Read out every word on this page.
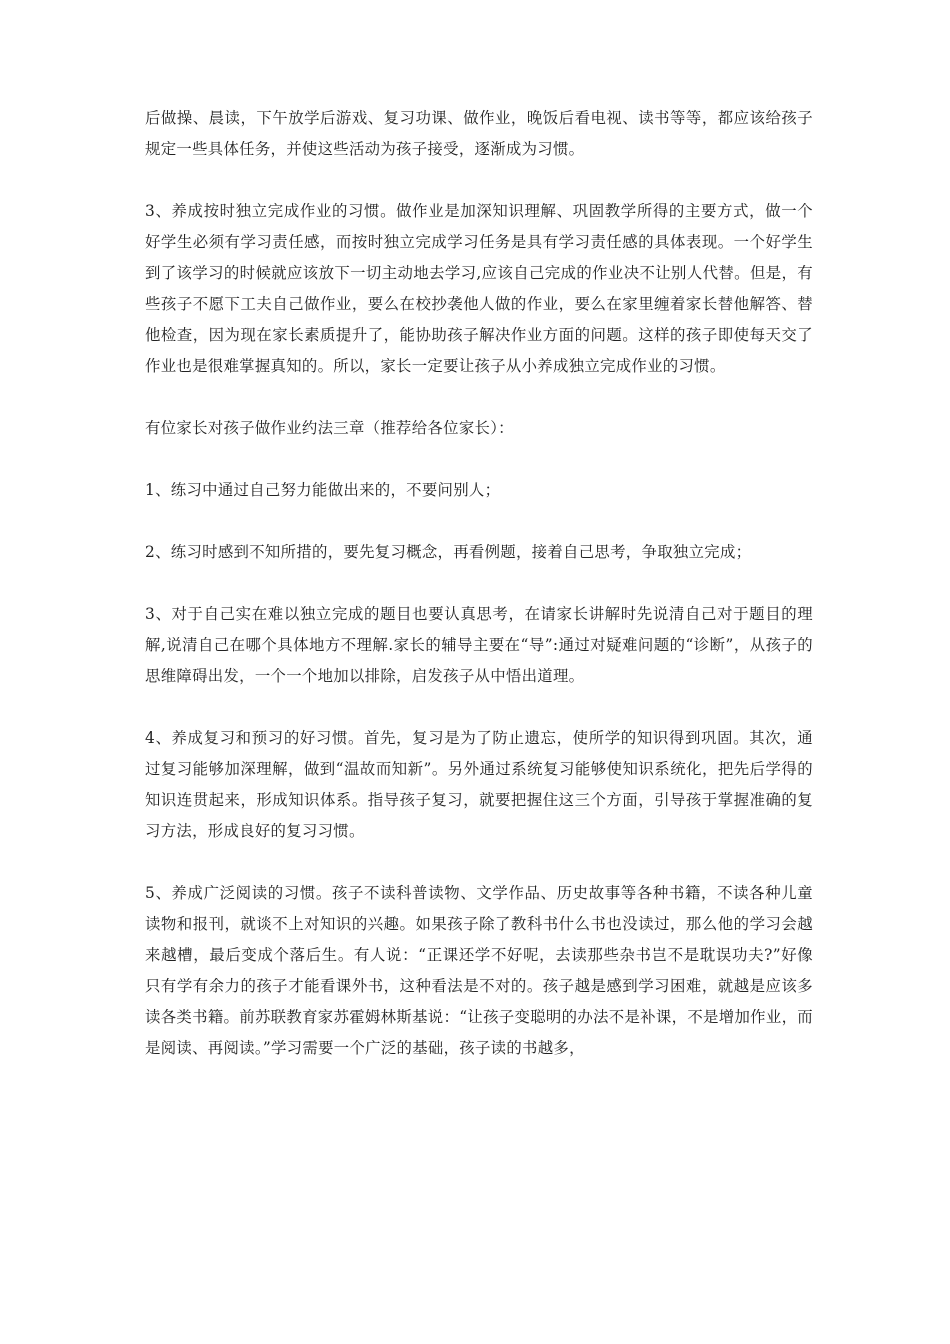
后做操、晨读，下午放学后游戏、复习功课、做作业，晚饭后看电视、读书等等，都应该给孩子规定一些具体任务，并使这些活动为孩子接受，逐渐成为习惯。

3、养成按时独立完成作业的习惯。做作业是加深知识理解、巩固教学所得的主要方式，做一个好学生必须有学习责任感，而按时独立完成学习任务是具有学习责任感的具体表现。一个好学生到了该学习的时候就应该放下一切主动地去学习,应该自己完成的作业决不让别人代替。但是，有些孩子不愿下工夫自己做作业，要么在校抄袭他人做的作业，要么在家里缠着家长替他解答、替他检查，因为现在家长素质提升了，能协助孩子解决作业方面的问题。这样的孩子即使每天交了作业也是很难掌握真知的。所以，家长一定要让孩子从小养成独立完成作业的习惯。

有位家长对孩子做作业约法三章（推荐给各位家长）：

1、练习中通过自己努力能做出来的，不要问别人；

2、练习时感到不知所措的，要先复习概念，再看例题，接着自己思考，争取独立完成；

3、对于自己实在难以独立完成的题目也要认真思考，在请家长讲解时先说清自己对于题目的理解,说清自己在哪个具体地方不理解.家长的辅导主要在“导”:通过对疑难问题的“诊断”，从孩子的思维障碍出发，一个一个地加以排除，启发孩子从中悟出道理。

4、养成复习和预习的好习惯。首先，复习是为了防止遗忘，使所学的知识得到巩固。其次，通过复习能够加深理解，做到“温故而知新”。另外通过系统复习能够使知识系统化，把先后学得的知识连贯起来，形成知识体系。指导孩子复习，就要把握住这三个方面，引导孩于掌握准确的复习方法，形成良好的复习习惯。

5、养成广泛阅读的习惯。孩子不读科普读物、文学作品、历史故事等各种书籍，不读各种儿童读物和报刊，就谈不上对知识的兴趣。如果孩子除了教科书什么书也没读过，那么他的学习会越来越槽，最后变成个落后生。有人说：“正课还学不好呢，去读那些杂书岂不是耽误功夫?”好像只有学有余力的孩子才能看课外书，这种看法是不对的。孩子越是感到学习困难，就越是应该多读各类书籍。前苏联教育家苏霍姆林斯基说：“让孩子变聪明的办法不是补课，不是增加作业，而是阅读、再阅读。”学习需要一个广泛的基础，孩子读的书越多，
